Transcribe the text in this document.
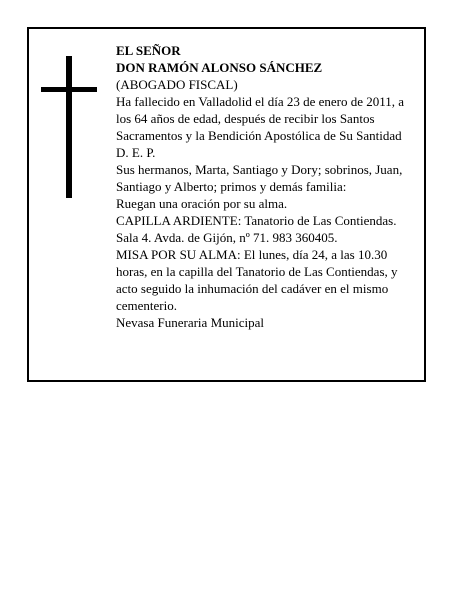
EL SEÑOR

DON RAMÓN ALONSO SÁNCHEZ

(ABOGADO FISCAL)

Ha fallecido en Valladolid el día 23 de enero de 2011, a los 64 años de edad, después de recibir los Santos Sacramentos y la Bendición Apostólica de Su Santidad

D. E. P.

Sus hermanos, Marta, Santiago y Dory; sobrinos, Juan, Santiago y Alberto; primos y demás familia:

Ruegan una oración por su alma.

CAPILLA ARDIENTE: Tanatorio de Las Contiendas. Sala 4. Avda. de Gijón, nº 71. 983 360405.

MISA POR SU ALMA: El lunes, día 24, a las 10.30 horas, en la capilla del Tanatorio de Las Contiendas, y acto seguido la inhumación del cadáver en el mismo cementerio.

Nevasa Funeraria Municipal
